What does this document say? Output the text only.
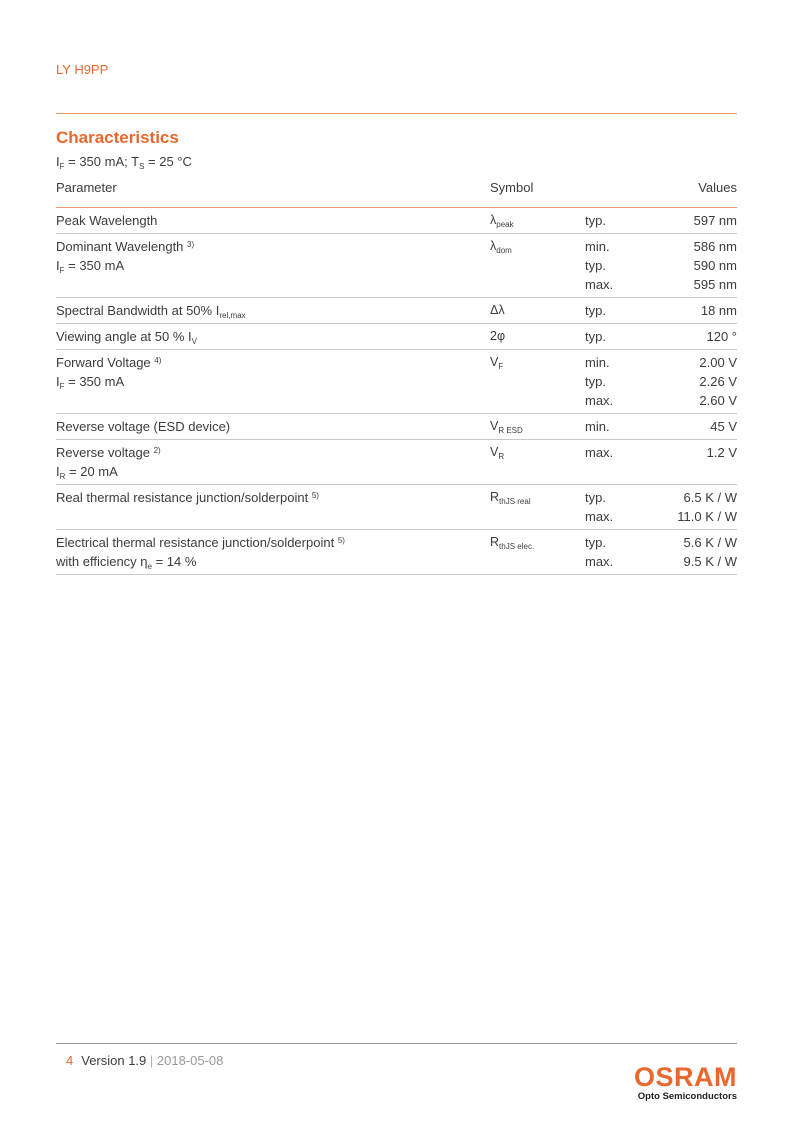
LY H9PP
Characteristics
$I_F = 350$ mA; $T_S = 25$ °C
Parameter	Symbol	Values
Peak Wavelength	$\lambda_{peak}$	typ.	597 nm
Dominant Wavelength $^{3)}$
$I_F = 350$ mA
$\lambda_{dom}$	min.	586 nm
typ.	590 nm
max.	595 nm
Spectral Bandwidth at 50% $I_{rel,max}$	Δλ	typ.	18 nm
Viewing angle at 50 % $I_V$	2φ	typ.	120 °
Forward Voltage $^{4)}$
$I_F = 350$ mA
$V_F$	min.	2.00 V
typ.	2.26 V
max.	2.60 V
Reverse voltage (ESD device)	$V_{R ESD}$	min.	45 V
Reverse voltage $^{2)}$
$I_R = 20$ mA
$V_R$	max.	1.2 V
Real thermal resistance junction/solderpoint $^{5)}$	$R_{thJS real}$	typ.	6.5 K / W
max.	11.0 K / W
Electrical thermal resistance junction/solderpoint $^{5)}$
with efficiency $\eta_e = 14$ %
$R_{thJS elec.}$	typ.	5.6 K / W
max.	9.5 K / W
4 Version 1.9 | 2018-05-08
OSRAM
Opto Semiconductors
